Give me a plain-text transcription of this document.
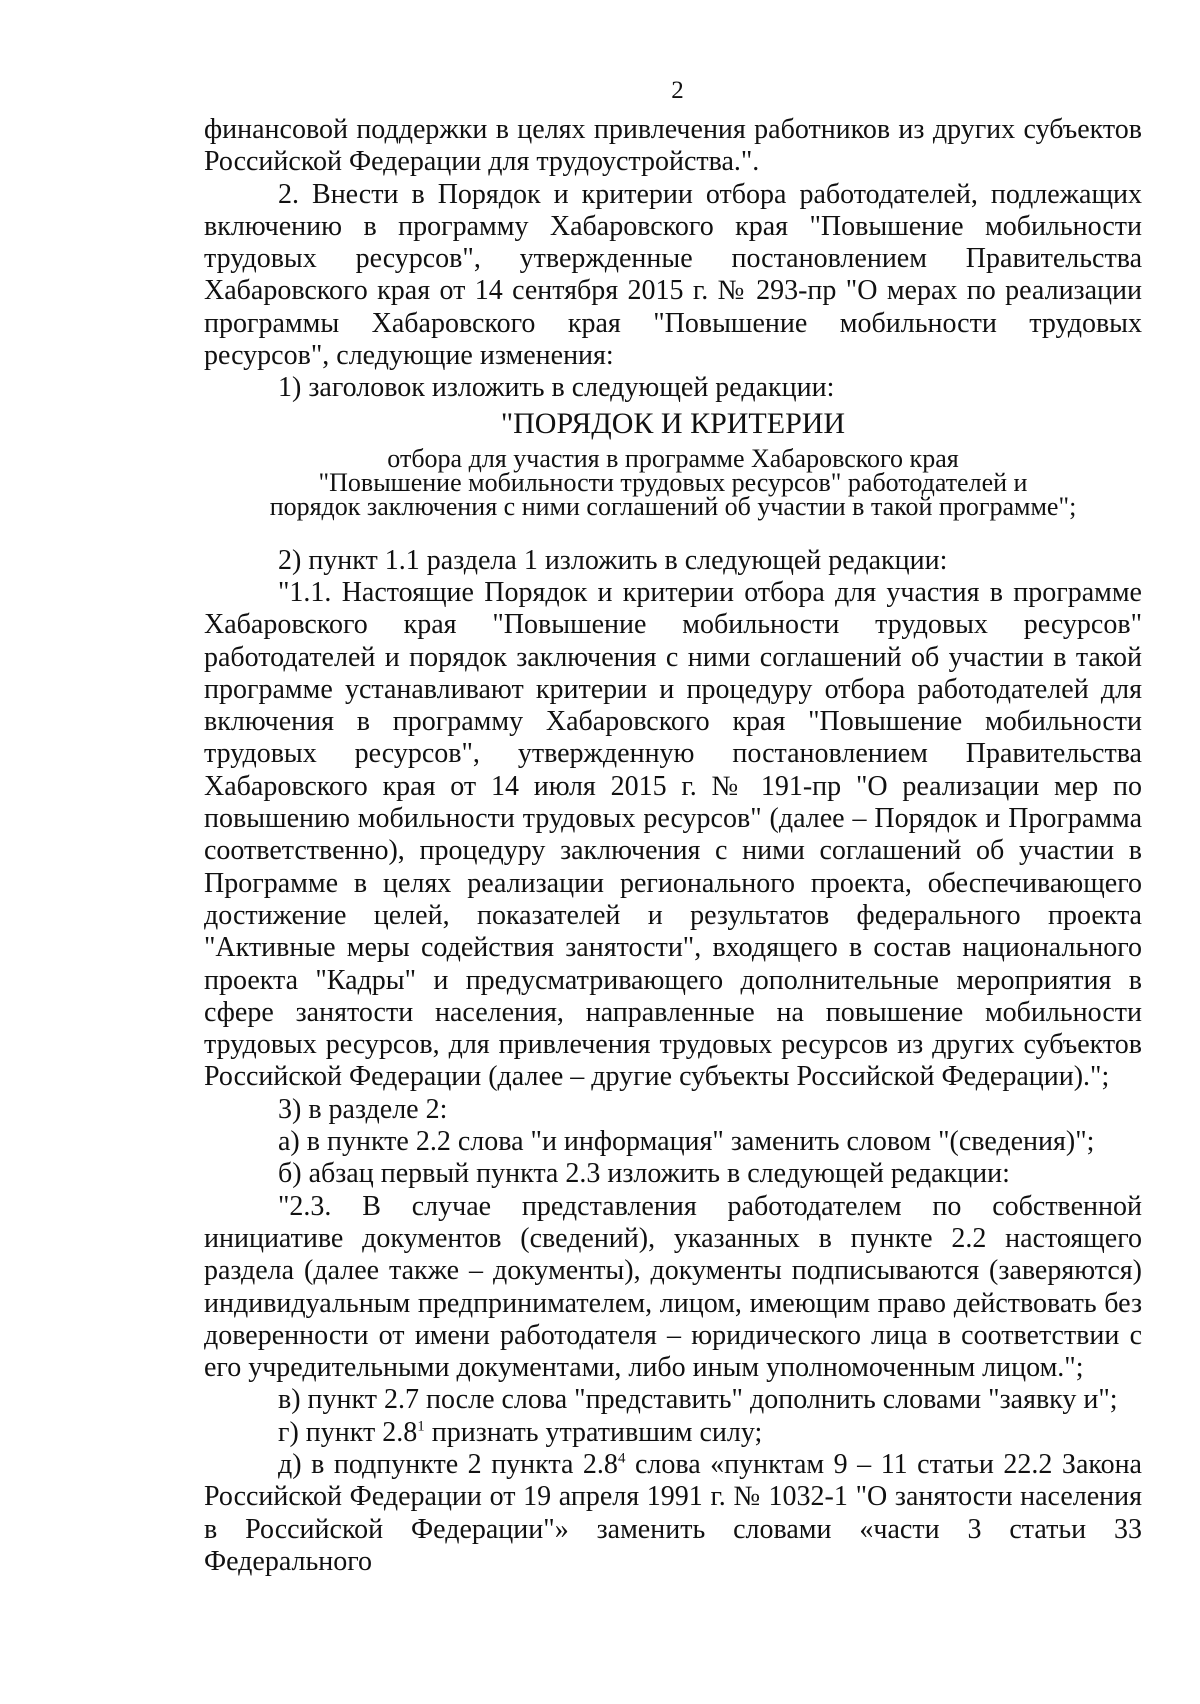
2

финансовой поддержки в целях привлечения работников из других субъектов Российской Федерации для трудоустройства.".

2. Внести в Порядок и критерии отбора работодателей, подлежащих включению в программу Хабаровского края "Повышение мобильности трудовых ресурсов", утвержденные постановлением Правительства Хабаровского края от 14 сентября 2015 г. № 293-пр "О мерах по реализации программы Хабаровского края "Повышение мобильности трудовых ресурсов", следующие изменения:

1) заголовок изложить в следующей редакции:

"ПОРЯДОК И КРИТЕРИИ

отбора для участия в программе Хабаровского края

"Повышение мобильности трудовых ресурсов" работодателей и

порядок заключения с ними соглашений об участии в такой программе";

2) пункт 1.1 раздела 1 изложить в следующей редакции:

"1.1. Настоящие Порядок и критерии отбора для участия в программе Хабаровского края "Повышение мобильности трудовых ресурсов" работодателей и порядок заключения с ними соглашений об участии в такой программе устанавливают критерии и процедуру отбора работодателей для включения в программу Хабаровского края "Повышение мобильности трудовых ресурсов", утвержденную постановлением Правительства Хабаровского края от 14 июля 2015 г. № 191-пр "О реализации мер по повышению мобильности трудовых ресурсов" (далее – Порядок и Программа соответственно), процедуру заключения с ними соглашений об участии в Программе в целях реализации регионального проекта, обеспечивающего достижение целей, показателей и результатов федерального проекта "Активные меры содействия занятости", входящего в состав национального проекта "Кадры" и предусматривающего дополнительные мероприятия в сфере занятости населения, направленные на повышение мобильности трудовых ресурсов, для привлечения трудовых ресурсов из других субъектов Российской Федерации (далее – другие субъекты Российской Федерации).";

3) в разделе 2:

а) в пункте 2.2 слова "и информация" заменить словом "(сведения)";

б) абзац первый пункта 2.3 изложить в следующей редакции:

"2.3. В случае представления работодателем по собственной инициативе документов (сведений), указанных в пункте 2.2 настоящего раздела (далее также – документы), документы подписываются (заверяются) индивидуальным предпринимателем, лицом, имеющим право действовать без доверенности от имени работодателя – юридического лица в соответствии с его учредительными документами, либо иным уполномоченным лицом.";

в) пункт 2.7 после слова "представить" дополнить словами "заявку и";

г) пункт $2.8^1$ признать утратившим силу;

д) в подпункте 2 пункта $2.8^4$ слова «пунктам 9 – 11 статьи 22.2 Закона Российской Федерации от 19 апреля 1991 г. № 1032-1 "О занятости населения в Российской Федерации"» заменить словами «части 3 статьи 33 Федерального
